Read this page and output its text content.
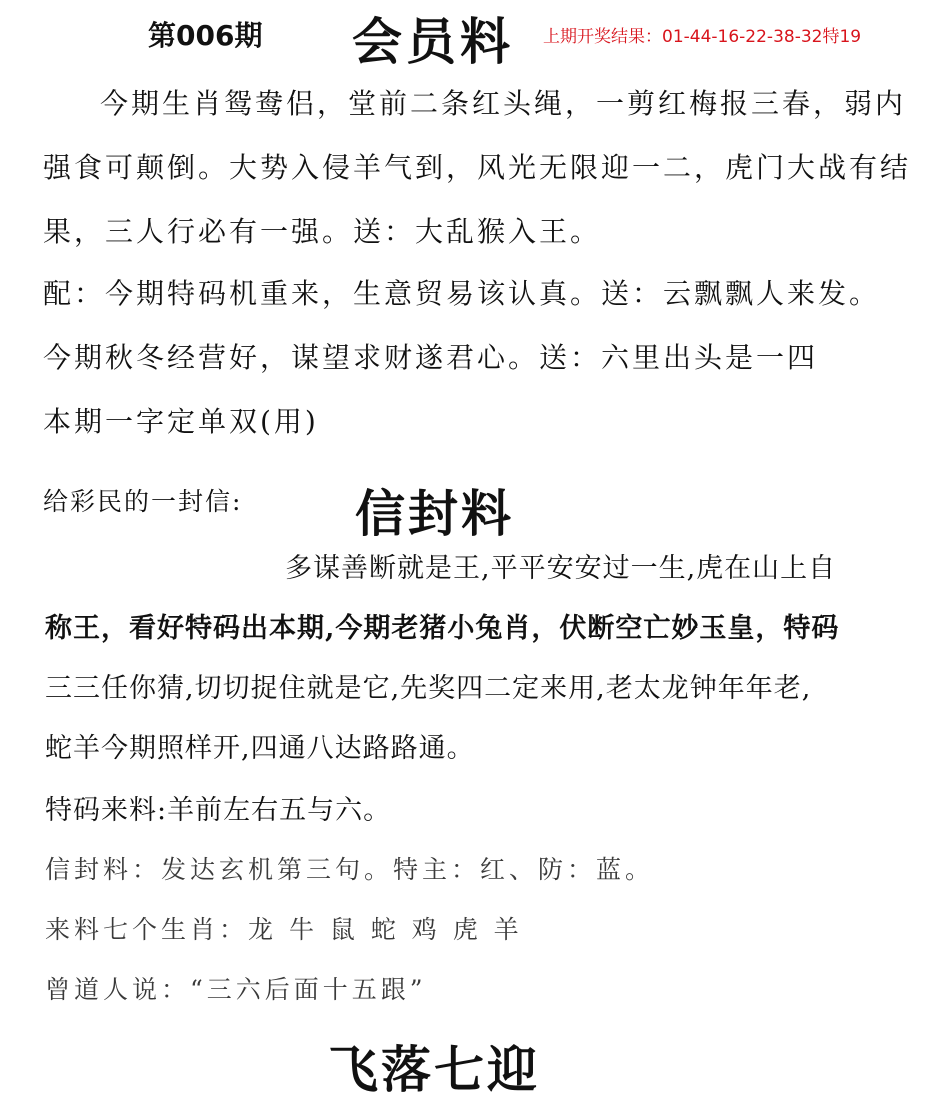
第006期 会员料 上期开奖结果：01-44-16-22-38-32特19
今期生肖鸳鸯侣，堂前二条红头绳，一剪红梅报三春，弱内
强食可颠倒。大势入侵羊气到，风光无限迎一二，虎门大战有结
果，三人行必有一强。送：大乱猴入王。
配：今期特码机重来，生意贸易该认真。送：云飘飘人来发。
今期秋冬经营好，谋望求财遂君心。送：六里出头是一四
本期一字定单双(用)
给彩民的一封信: 信封料
多谋善断就是王,平平安安过一生,虎在山上自
称王，看好特码出本期,今期老猪小兔肖，伏断空亡妙玉皇，特码
三三任你猜,切切捉住就是它,先奖四二定来用,老太龙钟年年老,
蛇羊今期照样开,四通八达路路通。
特码来料:羊前左右五与六。
信封料：发达玄机第三句。特主：红、防：蓝。
来料七个生肖：龙 牛 鼠 蛇 鸡 虎 羊
曾道人说：“三六后面十五跟”
飞落七迎
